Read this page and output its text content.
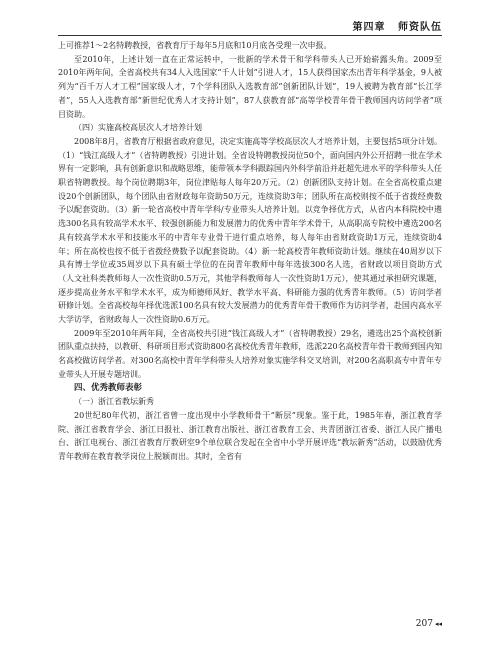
第四章 师资队伍

上可推荐1～2名特聘教授，省教育厅于每年5月底和10月底各受理一次申报。

至2010年，上述计划一直在正常运转中，一批新的学术骨干和学科带头人已开始崭露头角。2009至2010年两年间，全省高校共有34人入选国家“千人计划”引进人才，15人获得国家杰出青年科学基金，9人被列为“百千万人才工程”国家级人才，7个学科团队入选教育部“创新团队计划”，19人被聘为教育部“长江学者”，55人入选教育部“新世纪优秀人才支持计划”，87人获教育部“高等学校青年骨干教师国内访问学者”项目资助。

（四）实施高校高层次人才培养计划

2008年8月，省教育厅根据省政府意见，决定实施高等学校高层次人才培养计划，主要包括5项分计划。（1）“钱江高级人才”（省特聘教授）引进计划。全省设特聘教授岗位50个，面向国内外公开招聘一批在学术界有一定影响，具有创新意识和战略思维，能带领本学科跟踪国内外科学前沿并赶超先进水平的学科带头人任职省特聘教授。每个岗位聘期3年，岗位津贴每人每年20万元。（2）创新团队支持计划。在全省高校重点建设20个创新团队，每个团队由省财政每年资助50万元，连续资助3年；团队所在高校则按不低于省拨经费数予以配套资助。（3）新一轮省高校中青年学科/专业带头人培养计划。以竞争择优方式，从省内本科院校中遴选300名具有较高学术水平、较强创新能力和发展潜力的优秀中青年学术骨干，从高职高专院校中遴选200名具有较高学术水平和技能水平的中青年专业骨干进行重点培养，每人每年由省财政资助1万元，连续资助4年；所在高校也按不低于省拨经费数予以配套资助。（4）新一轮高校青年教师资助计划。继续在40周岁以下具有博士学位或35周岁以下具有硕士学位的在岗青年教师中每年选拔300名人选，省财政以项目资助方式（人文社科类教师每人一次性资助0.5万元，其他学科教师每人一次性资助1万元），使其通过承担研究课题，逐步提高业务水平和学术水平，成为师德师风好、教学水平高、科研能力强的优秀青年教师。（5）访问学者研修计划。全省高校每年择优选派100名具有较大发展潜力的优秀青年骨干教师作为访问学者，赴国内高水平大学访学，省财政每人一次性资助0.6万元。

2009年至2010年两年间，全省高校共引进“钱江高级人才”（省特聘教授）29名，遴选出25个高校创新团队重点扶持，以教研、科研项目形式资助800名高校优秀青年教师，选派220名高校青年骨干教师到国内知名高校做访问学者。对300名高校中青年学科带头人培养对象实施学科交叉培训，对200名高职高专中青年专业带头人开展专题培训。

四、优秀教师表彰

（一）浙江省教坛新秀

20世纪80年代初，浙江省曾一度出现中小学教师骨干“断层”现象。鉴于此，1985年春，浙江教育学院、浙江省教育学会、浙江日报社、浙江教育出版社、浙江省教育工会、共青团浙江省委、浙江人民广播电台、浙江电视台、浙江省教育厅教研室9个单位联合发起在全省中小学开展评选“教坛新秀”活动，以鼓励优秀青年教师在教育教学岗位上脱颖而出。其时，全省有

207 ◂◂
